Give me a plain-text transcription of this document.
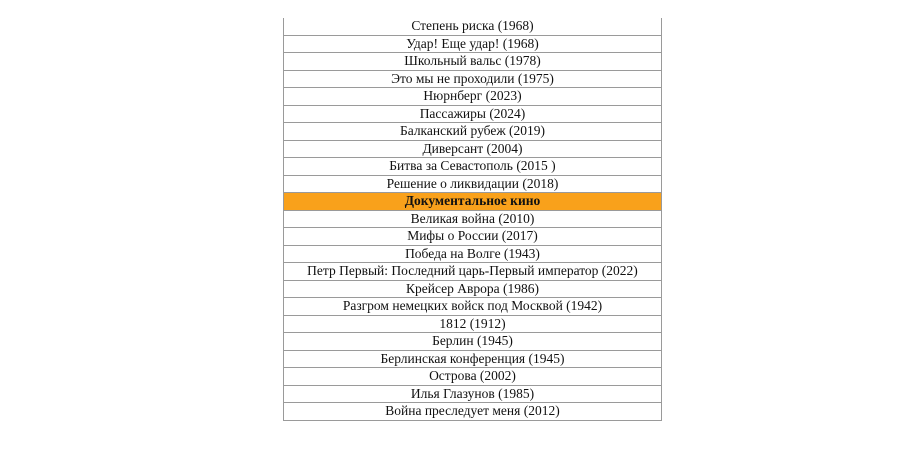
Степень риска (1968)
Удар! Еще удар! (1968)
Школьный вальс (1978)
Это мы не проходили (1975)
Нюрнберг (2023)
Пассажиры (2024)
Балканский рубеж (2019)
Диверсант (2004)
Битва за Севастополь (2015 )
Решение о ликвидации (2018)
Документальное кино
Великая война (2010)
Мифы о России (2017)
Победа на Волге (1943)
Петр Первый: Последний царь-Первый император (2022)
Крейсер Аврора (1986)
Разгром немецких войск под Москвой (1942)
1812 (1912)
Берлин (1945)
Берлинская конференция (1945)
Острова (2002)
Илья Глазунов (1985)
Война преследует меня (2012)
